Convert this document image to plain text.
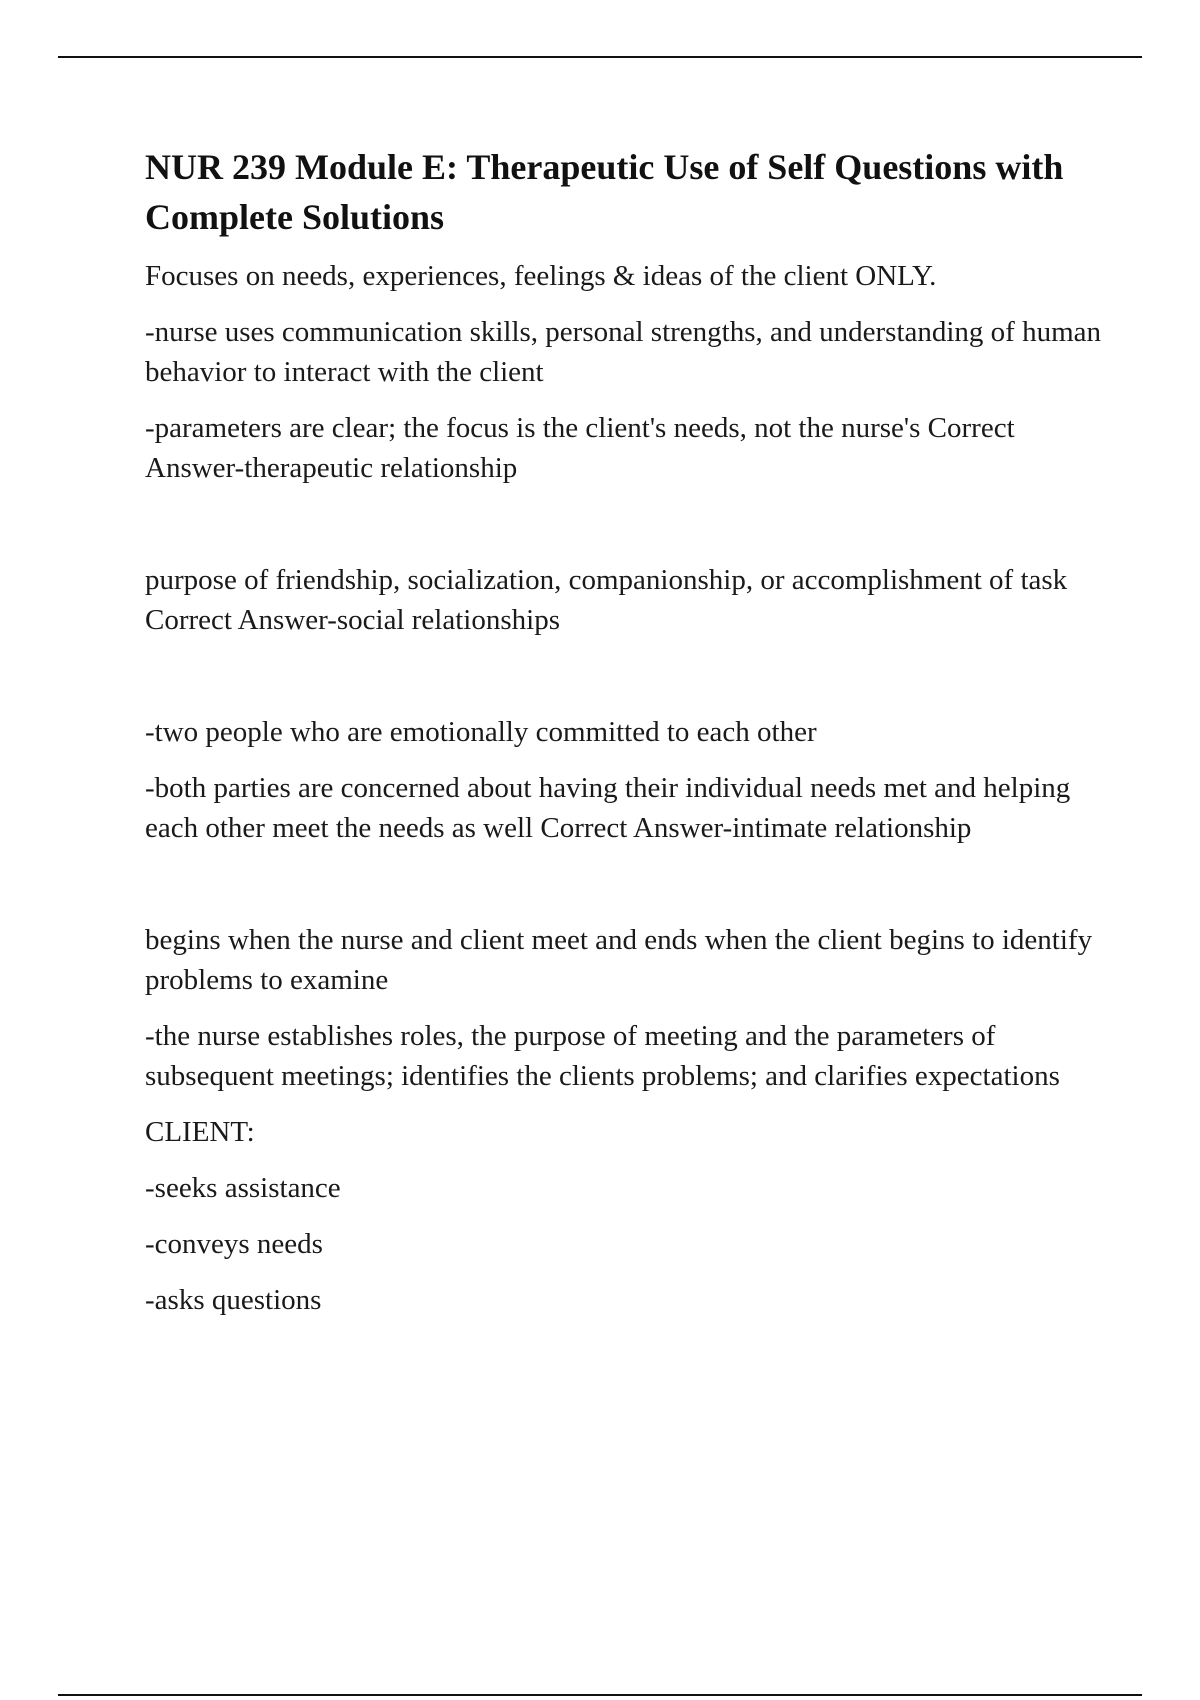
NUR 239 Module E: Therapeutic Use of Self Questions with Complete Solutions

Focuses on needs, experiences, feelings & ideas of the client ONLY.

-nurse uses communication skills, personal strengths, and understanding of human behavior to interact with the client

-parameters are clear; the focus is the client's needs, not the nurse's Correct Answer-therapeutic relationship

purpose of friendship, socialization, companionship, or accomplishment of task Correct Answer-social relationships

-two people who are emotionally committed to each other

-both parties are concerned about having their individual needs met and helping each other meet the needs as well Correct Answer-intimate relationship

begins when the nurse and client meet and ends when the client begins to identify problems to examine

-the nurse establishes roles, the purpose of meeting and the parameters of subsequent meetings; identifies the clients problems; and clarifies expectations

CLIENT:

-seeks assistance

-conveys needs

-asks questions
